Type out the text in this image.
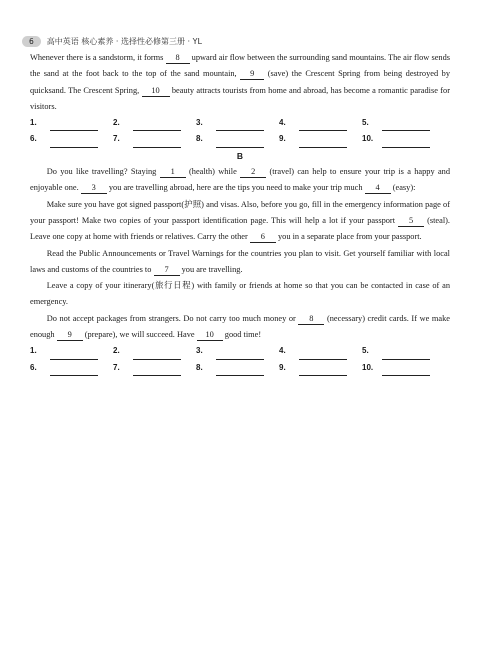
6	高中英语 核心素养 · 选择性必修第三册 · YL

Whenever there is a sandstorm, it forms 8 upward air flow between the surrounding sand mountains. The air flow sends the sand at the foot back to the top of the sand mountain, 9 (save) the Crescent Spring from being destroyed by quicksand. The Crescent Spring, 10 beauty attracts tourists from home and abroad, has become a romantic paradise for visitors.

1.	2.	3.	4.	5.
6.	7.	8.	9.	10.
B

Do you like travelling? Staying 1 (health) while 2 (travel) can help to ensure your trip is a happy and enjoyable one. 3 you are travelling abroad, here are the tips you need to make your trip much 4 (easy):

Make sure you have got signed passport(护照) and visas. Also, before you go, fill in the emergency information page of your passport! Make two copies of your passport identification page. This will help a lot if your passport 5 (steal). Leave one copy at home with friends or relatives. Carry the other 6 you in a separate place from your passport.

Read the Public Announcements or Travel Warnings for the countries you plan to visit. Get yourself familiar with local laws and customs of the countries to 7 you are travelling.

Leave a copy of your itinerary(旅行日程) with family or friends at home so that you can be contacted in case of an emergency.

Do not accept packages from strangers. Do not carry too much money or 8 (necessary) credit cards. If we make enough 9 (prepare), we will succeed. Have 10 good time!

1.	2.	3.	4.	5.
6.	7.	8.	9.	10.
